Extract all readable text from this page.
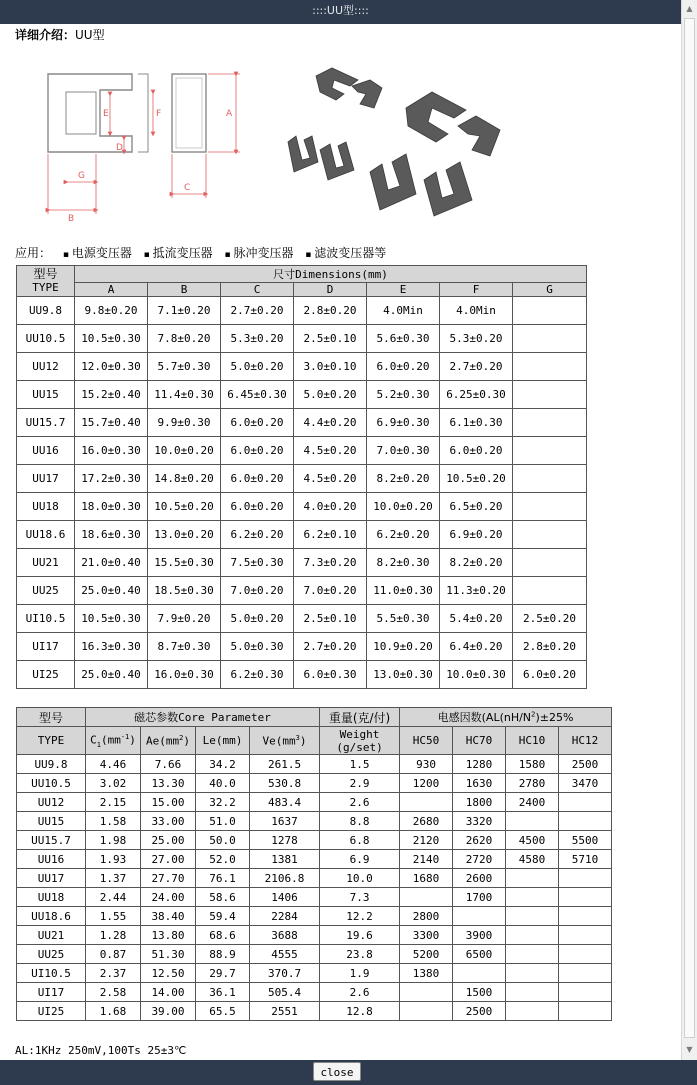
::::UU型::::	▲
▼
详细介绍：UU型
B
G
E
D
F
C
A
应用： ▪ 电源变压器 ▪ 抵流变压器 ▪ 脉冲变压器 ▪ 滤波变压器等
型号
TYPE	尺寸Dimensions(mm)						
	A	B	C	D	E	F	G
UU9.8	9.8±0.20	7.1±0.20	2.7±0.20	2.8±0.20	4.0Min	4.0Min	
UU10.5	10.5±0.30	7.8±0.20	5.3±0.20	2.5±0.10	5.6±0.30	5.3±0.20	
UU12	12.0±0.30	5.7±0.30	5.0±0.20	3.0±0.10	6.0±0.20	2.7±0.20	
UU15	15.2±0.40	11.4±0.30	6.45±0.30	5.0±0.20	5.2±0.30	6.25±0.30	
UU15.7	15.7±0.40	9.9±0.30	6.0±0.20	4.4±0.20	6.9±0.30	6.1±0.30	
UU16	16.0±0.30	10.0±0.20	6.0±0.20	4.5±0.20	7.0±0.30	6.0±0.20	
UU17	17.2±0.30	14.8±0.20	6.0±0.20	4.5±0.20	8.2±0.20	10.5±0.20	
UU18	18.0±0.30	10.5±0.20	6.0±0.20	4.0±0.20	10.0±0.20	6.5±0.20	
UU18.6	18.6±0.30	13.0±0.20	6.2±0.20	6.2±0.10	6.2±0.20	6.9±0.20	
UU21	21.0±0.40	15.5±0.30	7.5±0.30	7.3±0.20	8.2±0.30	8.2±0.20	
UU25	25.0±0.40	18.5±0.30	7.0±0.20	7.0±0.20	11.0±0.30	11.3±0.20	
UI10.5	10.5±0.30	7.9±0.20	5.0±0.20	2.5±0.10	5.5±0.30	5.4±0.20	2.5±0.20
UI17	16.3±0.30	8.7±0.30	5.0±0.30	2.7±0.20	10.9±0.20	6.4±0.20	2.8±0.20
UI25	25.0±0.40	16.0±0.30	6.2±0.30	6.0±0.30	13.0±0.30	10.0±0.30	6.0±0.20
型号	磁芯参数Core Parameter				重量(克/付)	电感因数($AL(nH/N^2)\pm 25\%$			
TYPE	$C_1(mm^{-1})$	$Ae(mm^2)$	Le(mm)	$Ve(mm^3)$	Weight
(g/set)	HC50	HC70	HC10	HC12
UU9.8	4.46	7.66	34.2	261.5	1.5	930	1280	1580	2500
UU10.5	3.02	13.30	40.0	530.8	2.9	1200	1630	2780	3470
UU12	2.15	15.00	32.2	483.4	2.6		1800	2400	
UU15	1.58	33.00	51.0	1637	8.8	2680	3320		
UU15.7	1.98	25.00	50.0	1278	6.8	2120	2620	4500	5500
UU16	1.93	27.00	52.0	1381	6.9	2140	2720	4580	5710
UU17	1.37	27.70	76.1	2106.8	10.0	1680	2600		
UU18	2.44	24.00	58.6	1406	7.3		1700		
UU18.6	1.55	38.40	59.4	2284	12.2	2800			
UU21	1.28	13.80	68.6	3688	19.6	3300	3900		
UU25	0.87	51.30	88.9	4555	23.8	5200	6500		
UI10.5	2.37	12.50	29.7	370.7	1.9	1380			
UI17	2.58	14.00	36.1	505.4	2.6		1500		
UI25	1.68	39.00	65.5	2551	12.8		2500		
AL:1KHz 250mV,100Ts 25±3℃
close
